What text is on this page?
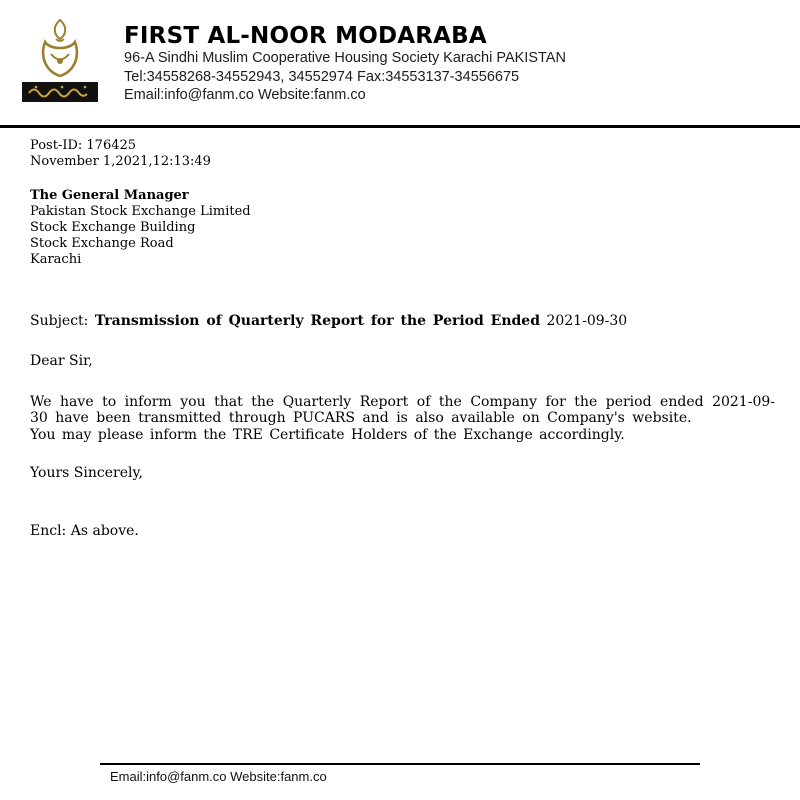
FIRST AL-NOOR MODARABA
96-A Sindhi Muslim Cooperative Housing Society Karachi PAKISTAN
Tel:34558268-34552943, 34552974 Fax:34553137-34556675
Email:info@fanm.co Website:fanm.co
Post-ID: 176425
November 1,2021,12:13:49
The General Manager
Pakistan Stock Exchange Limited
Stock Exchange Building
Stock Exchange Road
Karachi

Subject: Transmission of Quarterly Report for the Period Ended 2021-09-30

Dear Sir,

We have to inform you that the Quarterly Report of the Company for the period ended 2021-09-30 have been transmitted through PUCARS and is also available on Company's website.

You may please inform the TRE Certificate Holders of the Exchange accordingly.

Yours Sincerely,

Encl: As above.

Email:info@fanm.co Website:fanm.co
